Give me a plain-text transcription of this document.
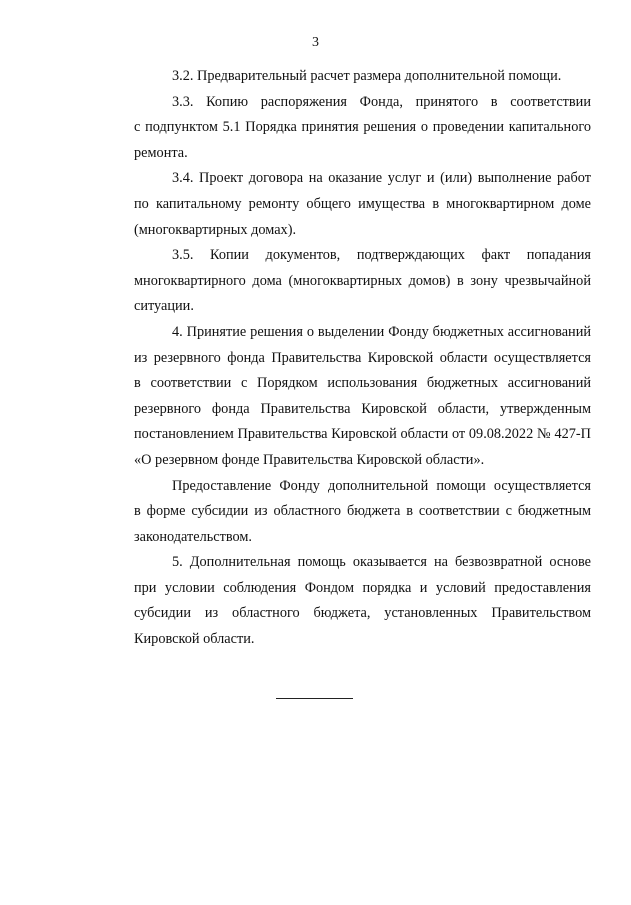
3
3.2. Предварительный расчет размера дополнительной помощи.
3.3. Копию распоряжения Фонда, принятого в соответствии
с подпунктом 5.1 Порядка принятия решения о проведении капитального
ремонта.
3.4. Проект договора на оказание услуг и (или) выполнение работ
по капитальному ремонту общего имущества в многоквартирном доме
(многоквартирных домах).
3.5. Копии документов, подтверждающих факт попадания
многоквартирного дома (многоквартирных домов) в зону чрезвычайной
ситуации.
4. Принятие решения о выделении Фонду бюджетных ассигнований
из резервного фонда Правительства Кировской области осуществляется
в соответствии с Порядком использования бюджетных ассигнований
резервного фонда Правительства Кировской области, утвержденным
постановлением Правительства Кировской области от 09.08.2022 № 427-П
«О резервном фонде Правительства Кировской области».
Предоставление Фонду дополнительной помощи осуществляется
в форме субсидии из областного бюджета в соответствии с бюджетным
законодательством.
5. Дополнительная помощь оказывается на безвозвратной основе
при условии соблюдения Фондом порядка и условий предоставления
субсидии из областного бюджета, установленных Правительством
Кировской области.
